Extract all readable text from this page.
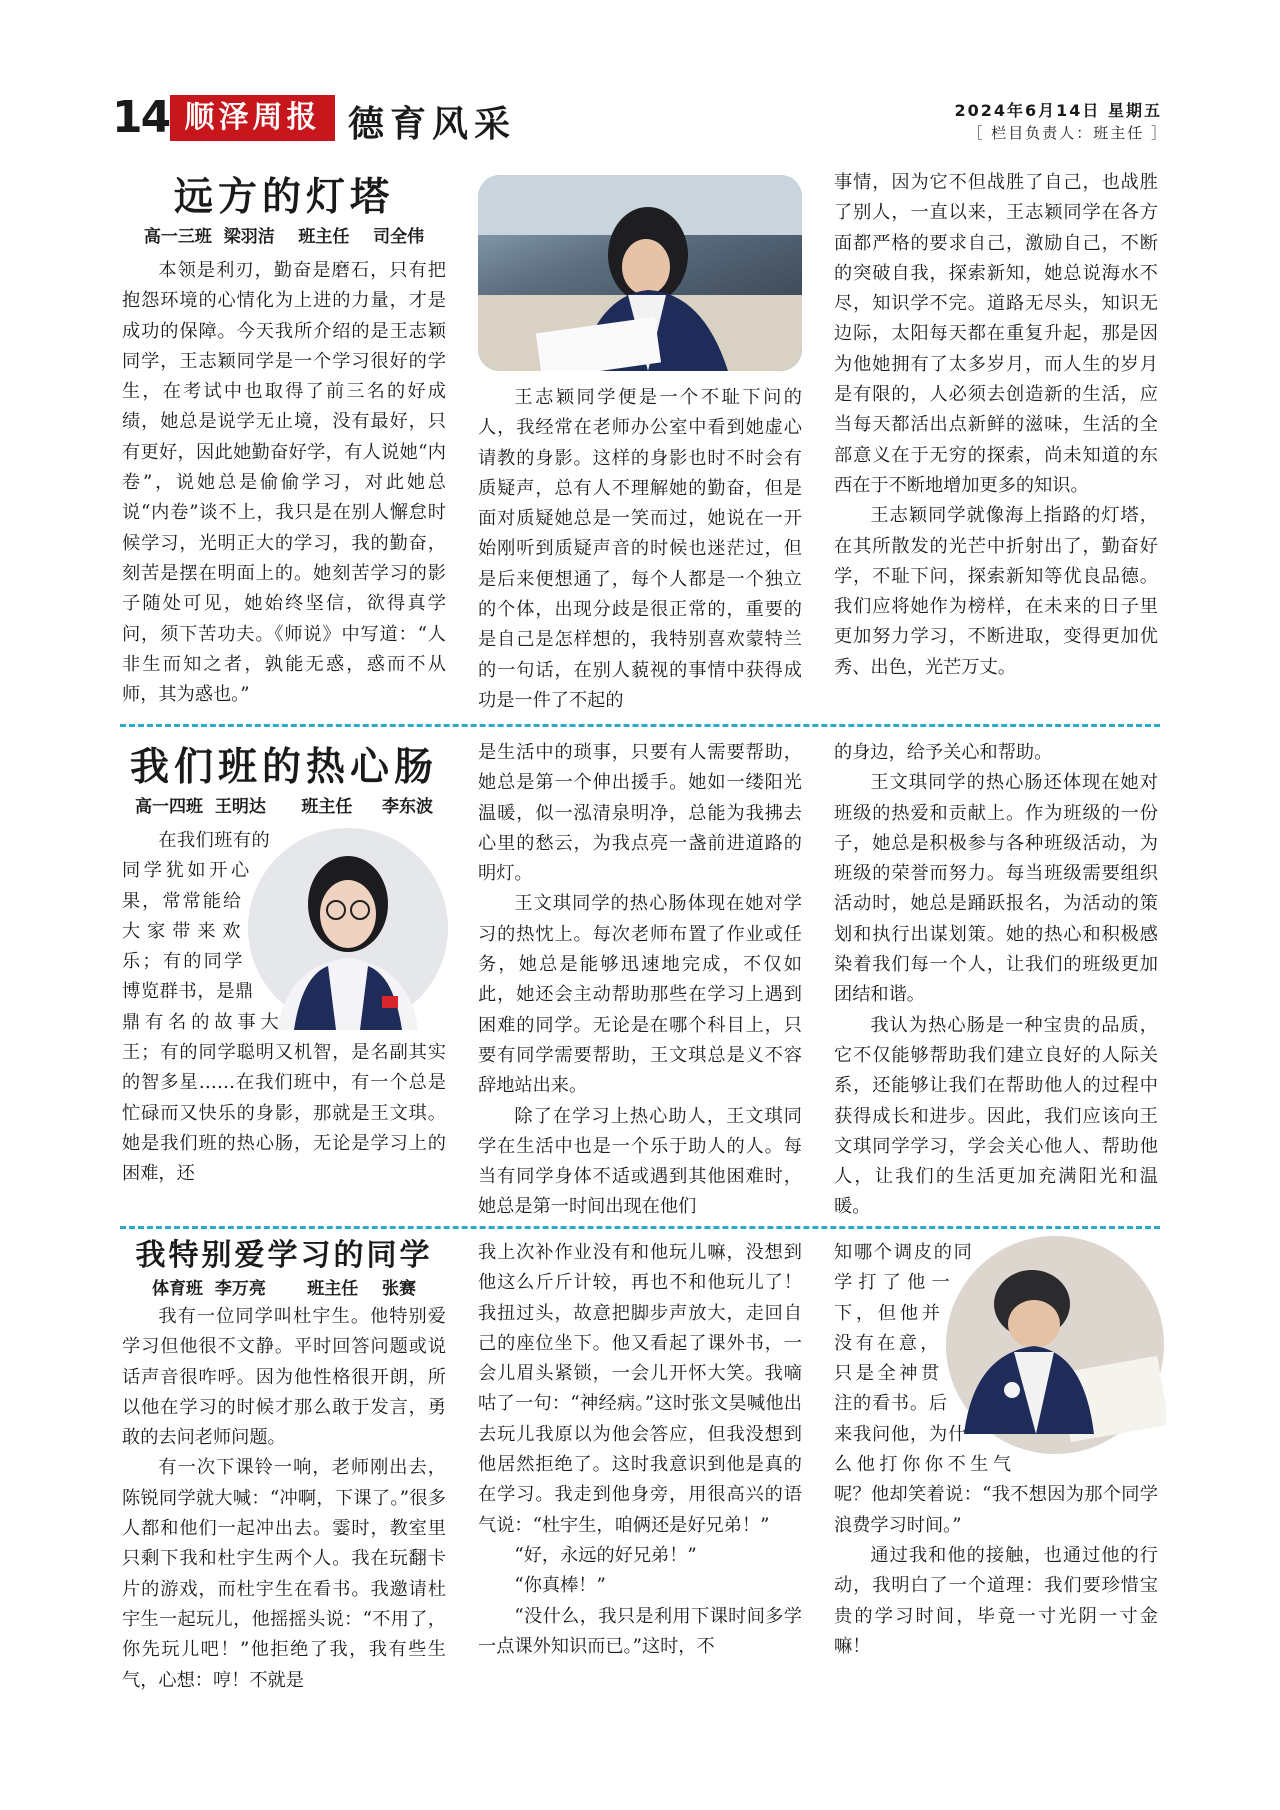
14 顺泽周报 德育风采	2024年6月14日 星期五
［ 栏目负责人：班主任 ］
远方的灯塔
高一三班  梁羽洁    班主任    司全伟

本领是利刃，勤奋是磨石，只有把抱怨环境的心情化为上进的力量，才是成功的保障。今天我所介绍的是王志颖同学，王志颖同学是一个学习很好的学生，在考试中也取得了前三名的好成绩，她总是说学无止境，没有最好，只有更好，因此她勤奋好学，有人说她“内卷”，说她总是偷偷学习，对此她总说“内卷”谈不上，我只是在别人懈怠时候学习，光明正大的学习，我的勤奋，刻苦是摆在明面上的。她刻苦学习的影子随处可见，她始终坚信，欲得真学问，须下苦功夫。《师说》中写道：“人非生而知之者，孰能无惑，惑而不从师，其为惑也。”

王志颖同学便是一个不耻下问的人，我经常在老师办公室中看到她虚心请教的身影。这样的身影也时不时会有质疑声，总有人不理解她的勤奋，但是面对质疑她总是一笑而过，她说在一开始刚听到质疑声音的时候也迷茫过，但是后来便想通了，每个人都是一个独立的个体，出现分歧是很正常的，重要的是自己是怎样想的，我特别喜欢蒙特兰的一句话，在别人藐视的事情中获得成功是一件了不起的

事情，因为它不但战胜了自己，也战胜了别人，一直以来，王志颖同学在各方面都严格的要求自己，激励自己，不断的突破自我，探索新知，她总说海水不尽，知识学不完。道路无尽头，知识无边际，太阳每天都在重复升起，那是因为他她拥有了太多岁月，而人生的岁月是有限的，人必须去创造新的生活，应当每天都活出点新鲜的滋味，生活的全部意义在于无穷的探索，尚未知道的东西在于不断地增加更多的知识。

王志颖同学就像海上指路的灯塔，在其所散发的光芒中折射出了，勤奋好学，不耻下问，探索新知等优良品德。我们应将她作为榜样，在未来的日子里更加努力学习，不断进取，变得更加优秀、出色，光芒万丈。

我们班的热心肠
高一四班  王明达      班主任     李东波

在我们班有的同学犹如开心果，常常能给大家带来欢乐；有的同学博览群书，是鼎鼎有名的故事大王；有的同学聪明又机智，是名副其实的智多星……在我们班中，有一个总是忙碌而又快乐的身影，那就是王文琪。她是我们班的热心肠，无论是学习上的困难，还

是生活中的琐事，只要有人需要帮助，她总是第一个伸出援手。她如一缕阳光温暖，似一泓清泉明净，总能为我拂去心里的愁云，为我点亮一盏前进道路的明灯。

王文琪同学的热心肠体现在她对学习的热忱上。每次老师布置了作业或任务，她总是能够迅速地完成，不仅如此，她还会主动帮助那些在学习上遇到困难的同学。无论是在哪个科目上，只要有同学需要帮助，王文琪总是义不容辞地站出来。

除了在学习上热心助人，王文琪同学在生活中也是一个乐于助人的人。每当有同学身体不适或遇到其他困难时，她总是第一时间出现在他们

的身边，给予关心和帮助。

王文琪同学的热心肠还体现在她对班级的热爱和贡献上。作为班级的一份子，她总是积极参与各种班级活动，为班级的荣誉而努力。每当班级需要组织活动时，她总是踊跃报名，为活动的策划和执行出谋划策。她的热心和积极感染着我们每一个人，让我们的班级更加团结和谐。

我认为热心肠是一种宝贵的品质，它不仅能够帮助我们建立良好的人际关系，还能够让我们在帮助他人的过程中获得成长和进步。因此，我们应该向王文琪同学学习，学会关心他人、帮助他人，让我们的生活更加充满阳光和温暖。

我特别爱学习的同学
体育班  李万亮       班主任    张赛

我有一位同学叫杜宇生。他特别爱学习但他很不文静。平时回答问题或说话声音很咋呼。因为他性格很开朗，所以他在学习的时候才那么敢于发言，勇敢的去问老师问题。

有一次下课铃一响，老师刚出去，陈锐同学就大喊：“冲啊，下课了。”很多人都和他们一起冲出去。霎时，教室里只剩下我和杜宇生两个人。我在玩翻卡片的游戏，而杜宇生在看书。我邀请杜宇生一起玩儿，他摇摇头说：“不用了，你先玩儿吧！”他拒绝了我，我有些生气，心想：哼！不就是

我上次补作业没有和他玩儿嘛，没想到他这么斤斤计较，再也不和他玩儿了！我扭过头，故意把脚步声放大，走回自己的座位坐下。他又看起了课外书，一会儿眉头紧锁，一会儿开怀大笑。我嘀咕了一句：“神经病。”这时张文昊喊他出去玩儿我原以为他会答应，但我没想到他居然拒绝了。这时我意识到他是真的在学习。我走到他身旁，用很高兴的语气说：“杜宇生，咱俩还是好兄弟！”

“好，永远的好兄弟！”

“你真棒！”

“没什么，我只是利用下课时间多学一点课外知识而已。”这时，不

知哪个调皮的同学打了他一下，但他并没有在意，只是全神贯注的看书。后来我问他，为什么他打你你不生气呢？他却笑着说：“我不想因为那个同学浪费学习时间。”

通过我和他的接触，也通过他的行动，我明白了一个道理：我们要珍惜宝贵的学习时间，毕竟一寸光阴一寸金嘛！
